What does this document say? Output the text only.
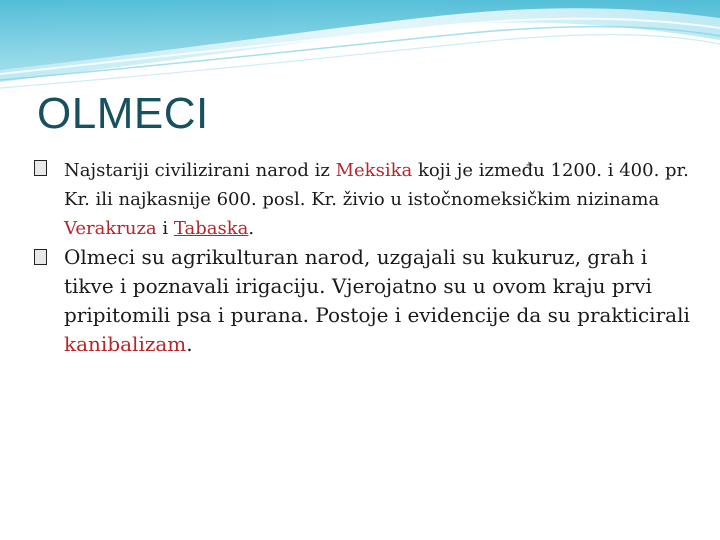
OLMECI

Najstariji civilizirani narod iz Meksika koji je između 1200. i 400. pr. Kr. ili najkasnije 600. posl. Kr. živio u istočnomeksičkim nizinama Verakruza i Tabaska.

Olmeci su agrikulturan narod, uzgajali su kukuruz, grah i tikve i poznavali irigaciju. Vjerojatno su u ovom kraju prvi pripitomili psa i purana. Postoje i evidencije da su prakticirali kanibalizam.
